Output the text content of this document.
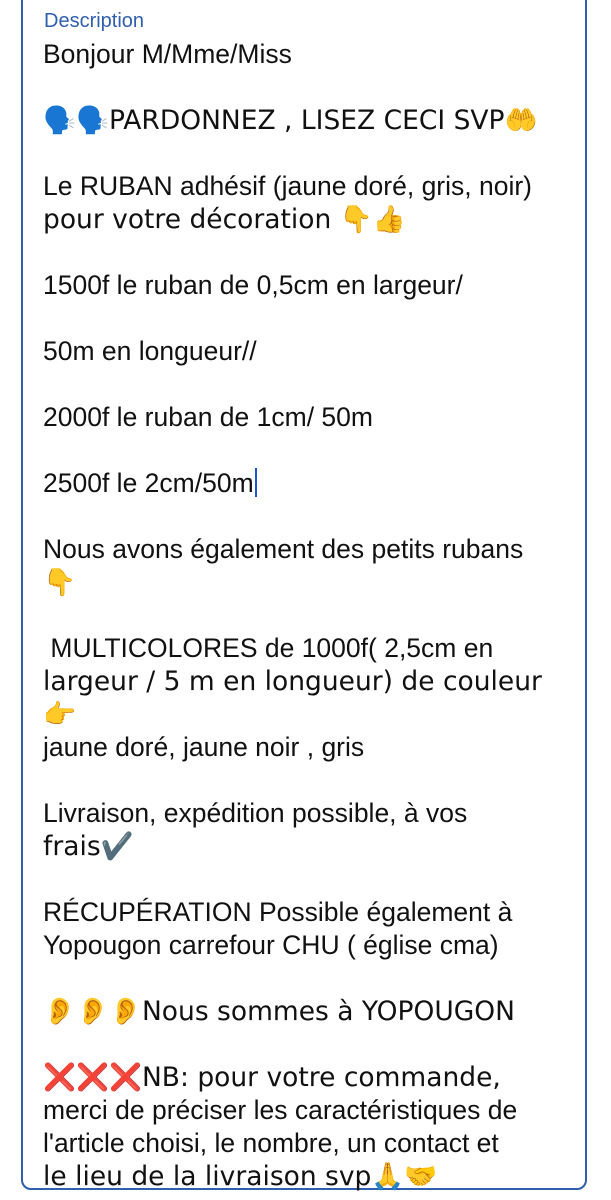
Description
Bonjour M/Mme/Miss
🗣️🗣️PARDONNEZ , LISEZ CECI SVP🤲
Le RUBAN adhésif (jaune doré, gris, noir)
pour votre décoration 👇👍
1500f le ruban de 0,5cm en largeur/
50m en longueur//
2000f le ruban de 1cm/ 50m
2500f le 2cm/50m
Nous avons également des petits rubans
👇
MULTICOLORES de 1000f( 2,5cm en
largeur / 5 m en longueur) de couleur 👉
jaune doré, jaune noir , gris
Livraison, expédition possible, à vos
frais✔️
RÉCUPÉRATION Possible également à
Yopougon carrefour CHU ( église cma)
👂👂👂Nous sommes à YOPOUGON
❌❌❌NB: pour votre commande,
merci de préciser les caractéristiques de
l'article choisi, le nombre, un contact et
le lieu de la livraison svp🙏🤝
